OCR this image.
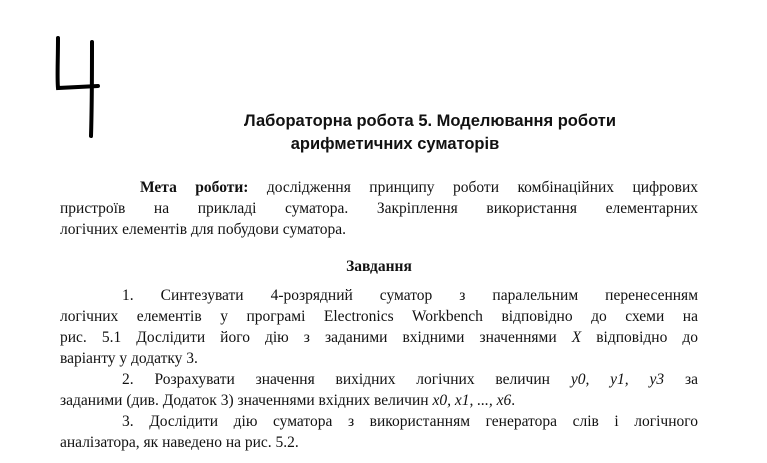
Лабораторна робота 5. Моделювання роботи
арифметичних суматорів
Мета роботи: дослідження принципу роботи комбінаційних цифрових
пристроїв на прикладі суматора. Закріплення використання елементарних
логічних елементів для побудови суматора.
Завдання
1. Синтезувати 4-розрядний суматор з паралельним перенесенням
логічних елементів у програмі Electronics Workbench відповідно до схеми на
рис. 5.1 Дослідити його дію з заданими вхідними значеннями X відповідно до
варіанту у додатку 3.
2. Розрахувати значення вихідних логічних величин y0, y1, y3 за
заданими (див. Додаток 3) значеннями вхідних величин x0, x1, ..., x6.
3. Дослідити дію суматора з використанням генератора слів і логічного
аналізатора, як наведено на рис. 5.2.
